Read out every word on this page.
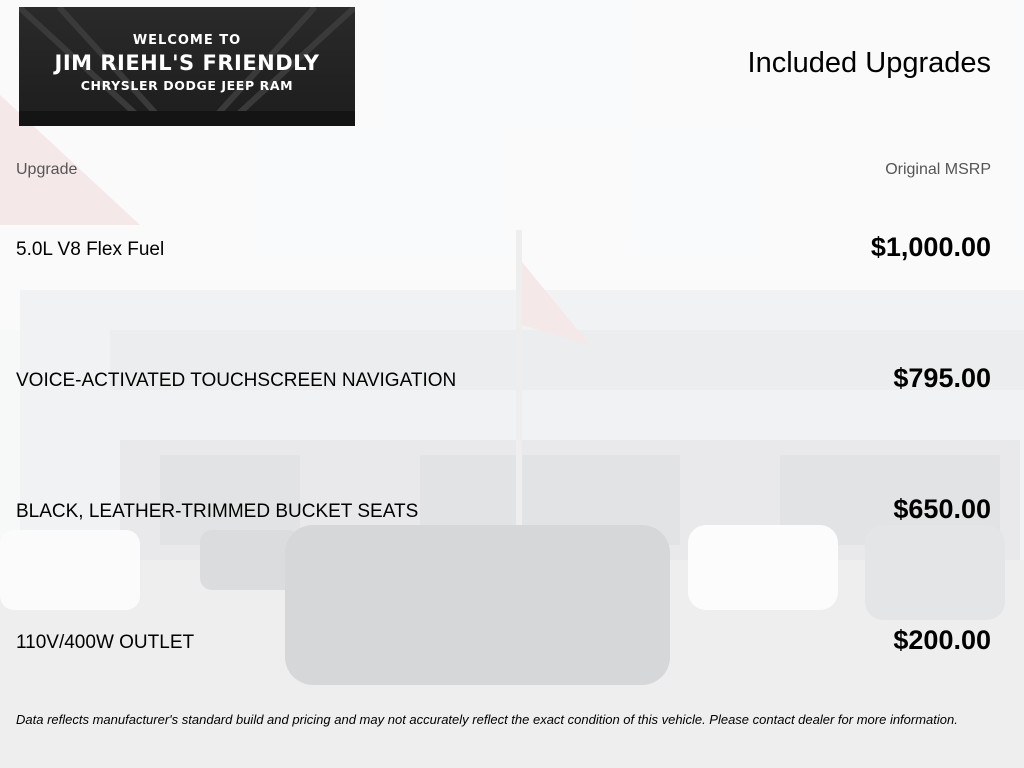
WELCOME TO
JIM RIEHL'S FRIENDLY
CHRYSLER DODGE JEEP RAM
Included Upgrades
Upgrade	Original MSRP
5.0L V8 Flex Fuel	$1,000.00
VOICE-ACTIVATED TOUCHSCREEN NAVIGATION	$795.00
BLACK, LEATHER-TRIMMED BUCKET SEATS	$650.00
110V/400W OUTLET	$200.00
Data reflects manufacturer's standard build and pricing and may not accurately reflect the exact condition of this vehicle. Please contact dealer for more information.
